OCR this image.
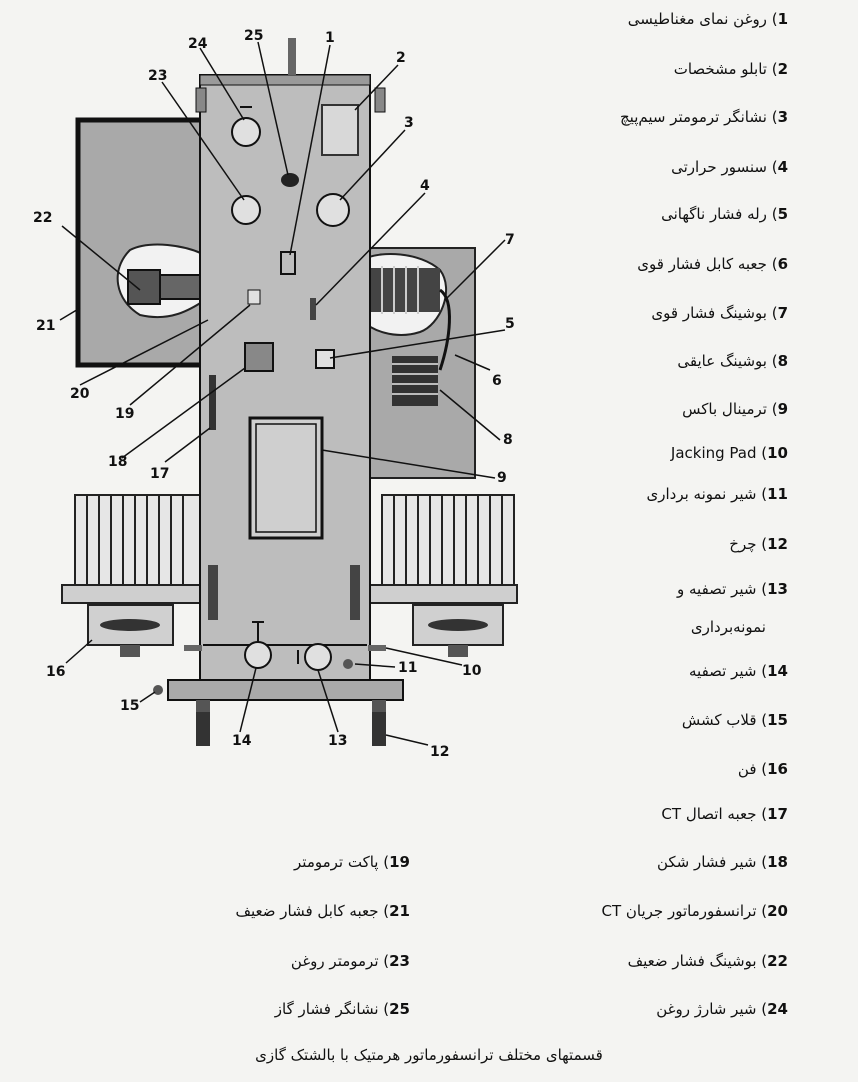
1
2
3
4
5
6
7
8
9
10
11
12
13
14
15
16
17
18
19
20
21
22
23
24	25
1) روغن نمای مغناطیسی
2) تابلو مشخصات
3) نشانگر ترمومتر سیم‌پیچ
4) سنسور حرارتی
5) رله فشار ناگهانی
6) جعبه کابل فشار قوی
7) بوشینگ فشار قوی
8) بوشینگ عایقی
9) ترمینال باکس
10) Jacking Pad
11) شیر نمونه برداری
12) چرخ
13) شیر تصفیه و
نمونه‌برداری
14) شیر تصفیه
15) قلاب کشش
16) فن
17) جعبه اتصال CT
18) شیر فشار شکن
20) ترانسفورماتور جریان CT
22) بوشینگ فشار ضعیف
24) شیر شارژ روغن
19) پاکت ترمومتر
21) جعبه کابل فشار ضعیف
23) ترمومتر روغن
25) نشانگر فشار گاز
قسمتهای مختلف ترانسفورماتور هرمتیک با بالشتک گازی
